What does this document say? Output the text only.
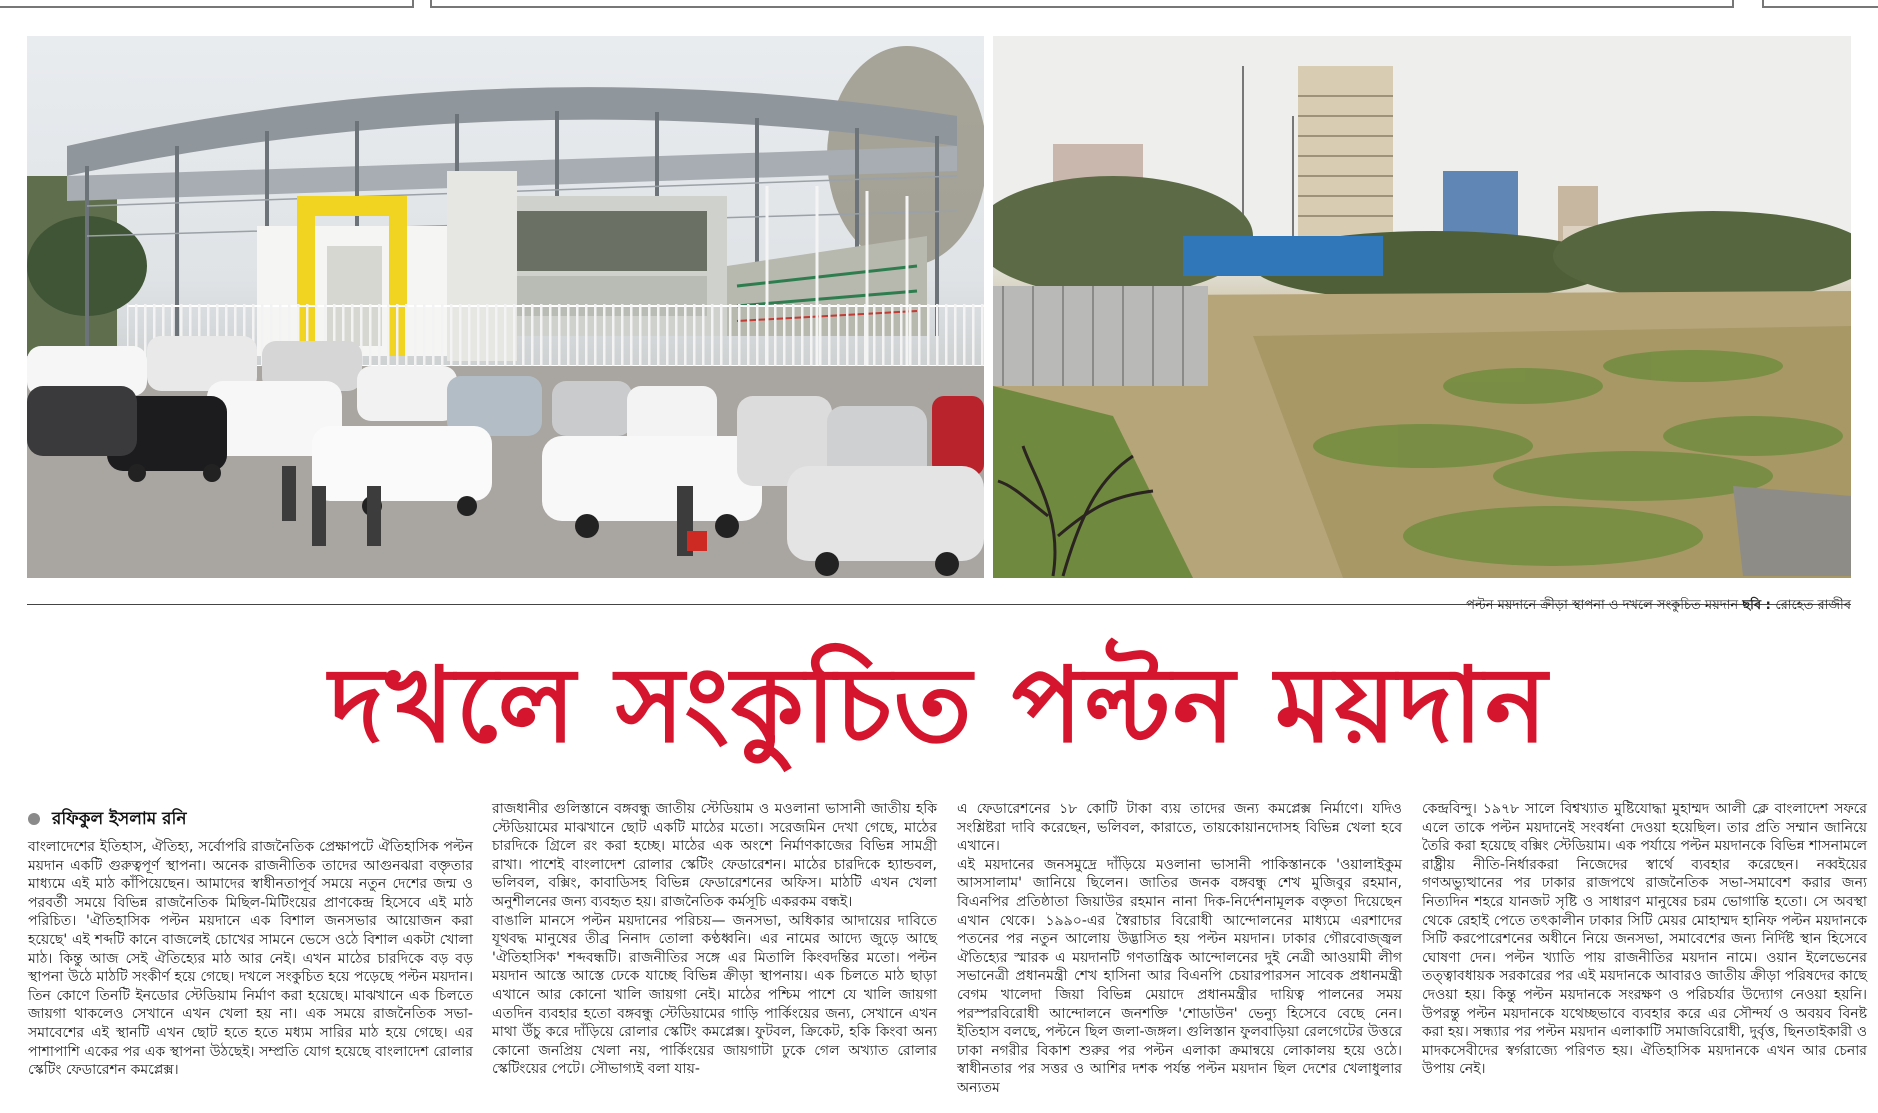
পল্টন ময়দানে ক্রীড়া স্থাপনা ও দখলে সংকুচিত ময়দান ছবি : রোহেত রাজীব
দখলে সংকুচিত পল্টন ময়দান
রফিকুল ইসলাম রনি
বাংলাদেশের ইতিহাস, ঐতিহ্য, সর্বোপরি রাজনৈতিক প্রেক্ষাপটে ঐতিহাসিক পল্টন ময়দান একটি গুরুত্বপূর্ণ স্থাপনা। অনেক রাজনীতিক তাদের আগুনঝরা বক্তৃতার মাধ্যমে এই মাঠ কাঁপিয়েছেন। আমাদের স্বাধীনতাপূর্ব সময়ে নতুন দেশের জন্ম ও পরবর্তী সময়ে বিভিন্ন রাজনৈতিক মিছিল-মিটিংয়ের প্রাণকেন্দ্র হিসেবে এই মাঠ পরিচিত। 'ঐতিহাসিক পল্টন ময়দানে এক বিশাল জনসভার আয়োজন করা হয়েছে' এই শব্দটি কানে বাজলেই চোখের সামনে ভেসে ওঠে বিশাল একটা খোলা মাঠ। কিন্তু আজ সেই ঐতিহ্যের মাঠ আর নেই। এখন মাঠের চারদিকে বড় বড় স্থাপনা উঠে মাঠটি সংকীর্ণ হয়ে গেছে। দখলে সংকুচিত হয়ে পড়েছে পল্টন ময়দান। তিন কোণে তিনটি ইনডোর স্টেডিয়াম নির্মাণ করা হয়েছে। মাঝখানে এক চিলতে জায়গা থাকলেও সেখানে এখন খেলা হয় না। এক সময়ে রাজনৈতিক সভা-সমাবেশের এই স্থানটি এখন ছোট হতে হতে মধ্যম সারির মাঠ হয়ে গেছে। এর পাশাপাশি একের পর এক স্থাপনা উঠছেই। সম্প্রতি যোগ হয়েছে বাংলাদেশ রোলার স্কেটিং ফেডারেশন কমপ্লেক্স।
রাজধানীর গুলিস্তানে বঙ্গবন্ধু জাতীয় স্টেডিয়াম ও মওলানা ভাসানী জাতীয় হকি স্টেডিয়ামের মাঝখানে ছোট একটি মাঠের মতো। সরেজমিন দেখা গেছে, মাঠের চারদিকে গ্রিলে রং করা হচ্ছে। মাঠের এক অংশে নির্মাণকাজের বিভিন্ন সামগ্রী রাখা। পাশেই বাংলাদেশ রোলার স্কেটিং ফেডারেশন। মাঠের চারদিকে হ্যান্ডবল, ভলিবল, বক্সিং, কাবাডিসহ বিভিন্ন ফেডারেশনের অফিস। মাঠটি এখন খেলা অনুশীলনের জন্য ব্যবহৃত হয়। রাজনৈতিক কর্মসূচি একরকম বন্ধই।
বাঙালি মানসে পল্টন ময়দানের পরিচয়— জনসভা, অধিকার আদায়ের দাবিতে যূথবদ্ধ মানুষের তীব্র নিনাদ তোলা কণ্ঠধ্বনি। এর নামের আদ্যে জুড়ে আছে 'ঐতিহাসিক' শব্দবন্ধটি। রাজনীতির সঙ্গে এর মিতালি কিংবদন্তির মতো। পল্টন ময়দান আস্তে আস্তে ঢেকে যাচ্ছে বিভিন্ন ক্রীড়া স্থাপনায়। এক চিলতে মাঠ ছাড়া এখানে আর কোনো খালি জায়গা নেই। মাঠের পশ্চিম পাশে যে খালি জায়গা এতদিন ব্যবহার হতো বঙ্গবন্ধু স্টেডিয়ামের গাড়ি পার্কিংয়ের জন্য, সেখানে এখন মাথা উঁচু করে দাঁড়িয়ে রোলার স্কেটিং কমপ্লেক্স। ফুটবল, ক্রিকেট, হকি কিংবা অন্য কোনো জনপ্রিয় খেলা নয়, পার্কিংয়ের জায়গাটা ঢুকে গেল অখ্যাত রোলার স্কেটিংয়ের পেটে। সৌভাগ্যই বলা যায়-
এ ফেডারেশনের ১৮ কোটি টাকা ব্যয় তাদের জন্য কমপ্লেক্স নির্মাণে। যদিও সংশ্লিষ্টরা দাবি করেছেন, ভলিবল, কারাতে, তায়কোয়ানদোসহ বিভিন্ন খেলা হবে এখানে।
এই ময়দানের জনসমুদ্রে দাঁড়িয়ে মওলানা ভাসানী পাকিস্তানকে 'ওয়ালাইকুম আসসালাম' জানিয়ে ছিলেন। জাতির জনক বঙ্গবন্ধু শেখ মুজিবুর রহমান, বিএনপির প্রতিষ্ঠাতা জিয়াউর রহমান নানা দিক-নির্দেশনামূলক বক্তৃতা দিয়েছেন এখান থেকে। ১৯৯০-এর স্বৈরাচার বিরোধী আন্দোলনের মাধ্যমে এরশাদের পতনের পর নতুন আলোয় উদ্ভাসিত হয় পল্টন ময়দান। ঢাকার গৌরবোজ্জ্বল ঐতিহ্যের স্মারক এ ময়দানটি গণতান্ত্রিক আন্দোলনের দুই নেত্রী আওয়ামী লীগ সভানেত্রী প্রধানমন্ত্রী শেখ হাসিনা আর বিএনপি চেয়ারপারসন সাবেক প্রধানমন্ত্রী বেগম খালেদা জিয়া বিভিন্ন মেয়াদে প্রধানমন্ত্রীর দায়িত্ব পালনের সময় পরস্পরবিরোধী আন্দোলনে জনশক্তি 'শোডাউন' ভেন্যু হিসেবে বেছে নেন। ইতিহাস বলছে, পল্টনে ছিল জলা-জঙ্গল। গুলিস্তান ফুলবাড়িয়া রেলগেটের উত্তরে ঢাকা নগরীর বিকাশ শুরুর পর পল্টন এলাকা ক্রমান্বয়ে লোকালয় হয়ে ওঠে। স্বাধীনতার পর সত্তর ও আশির দশক পর্যন্ত পল্টন ময়দান ছিল দেশের খেলাধুলার অন্যতম
কেন্দ্রবিন্দু। ১৯৭৮ সালে বিশ্বখ্যাত মুষ্টিযোদ্ধা মুহাম্মদ আলী ক্লে বাংলাদেশ সফরে এলে তাকে পল্টন ময়দানেই সংবর্ধনা দেওয়া হয়েছিল। তার প্রতি সম্মান জানিয়ে তৈরি করা হয়েছে বক্সিং স্টেডিয়াম। এক পর্যায়ে পল্টন ময়দানকে বিভিন্ন শাসনামলে রাষ্ট্রীয় নীতি-নির্ধারকরা নিজেদের স্বার্থে ব্যবহার করেছেন। নব্বইয়ের গণঅভ্যুত্থানের পর ঢাকার রাজপথে রাজনৈতিক সভা-সমাবেশ করার জন্য নিত্যদিন শহরে যানজট সৃষ্টি ও সাধারণ মানুষের চরম ভোগান্তি হতো। সে অবস্থা থেকে রেহাই পেতে তৎকালীন ঢাকার সিটি মেয়র মোহাম্মদ হানিফ পল্টন ময়দানকে সিটি করপোরেশনের অধীনে নিয়ে জনসভা, সমাবেশের জন্য নির্দিষ্ট স্থান হিসেবে ঘোষণা দেন। পল্টন খ্যাতি পায় রাজনীতির ময়দান নামে। ওয়ান ইলেভেনের তত্ত্বাবধায়ক সরকারের পর এই ময়দানকে আবারও জাতীয় ক্রীড়া পরিষদের কাছে দেওয়া হয়। কিন্তু পল্টন ময়দানকে সংরক্ষণ ও পরিচর্যার উদ্যোগ নেওয়া হয়নি। উপরন্তু পল্টন ময়দানকে যথেচ্ছভাবে ব্যবহার করে এর সৌন্দর্য ও অবয়ব বিনষ্ট করা হয়। সন্ধ্যার পর পল্টন ময়দান এলাকাটি সমাজবিরোধী, দুর্বৃত্ত, ছিনতাইকারী ও মাদকসেবীদের স্বর্গরাজ্যে পরিণত হয়। ঐতিহাসিক ময়দানকে এখন আর চেনার উপায় নেই।
